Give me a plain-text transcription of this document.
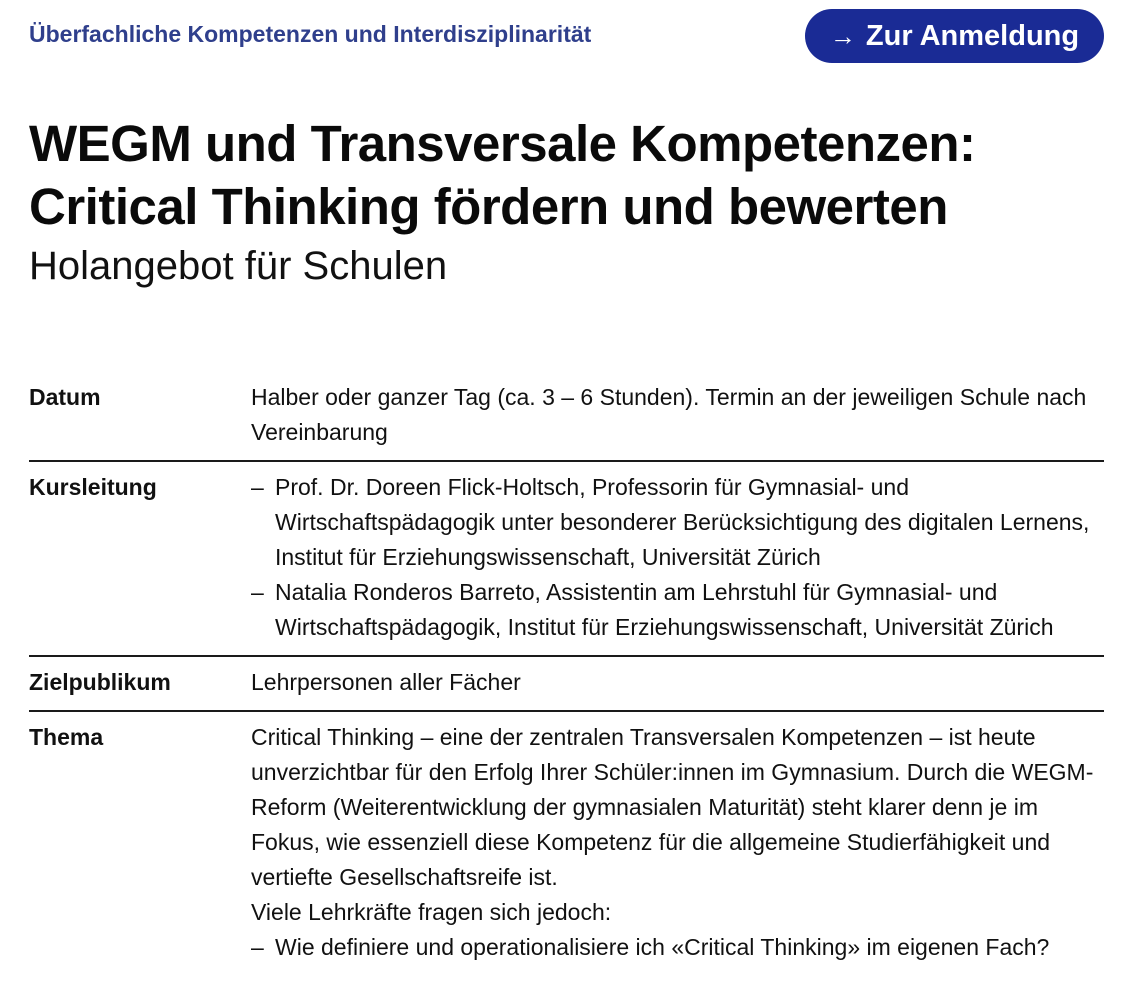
Überfachliche Kompetenzen und Interdisziplinarität	→ Zur Anmeldung
WEGM und Transversale Kompetenzen: Critical Thinking fördern und bewerten
Holangebot für Schulen
Datum	Halber oder ganzer Tag (ca. 3 – 6 Stunden). Termin an der jeweiligen Schule nach Vereinbarung

Kursleitung
–	Prof. Dr. Doreen Flick-Holtsch, Professorin für Gymnasial- und Wirtschaftspädagogik unter besonderer Berücksichtigung des digitalen Lernens, Institut für Erziehungswissenschaft, Universität Zürich
– Natalia Ronderos Barreto, Assistentin am Lehrstuhl für Gymnasial- und Wirtschaftspädagogik, Institut für Erziehungswissenschaft, Universität Zürich
Zielpublikum	Lehrpersonen aller Fächer

Thema	Critical Thinking – eine der zentralen Transversalen Kompetenzen – ist heute unverzichtbar für den Erfolg Ihrer Schüler:innen im Gymnasium. Durch die WEGM-Reform (Weiterentwicklung der gymnasialen Maturität) steht klarer denn je im Fokus, wie essenziell diese Kompetenz für die allgemeine Studierfähigkeit und vertiefte Gesellschaftsreife ist.

Viele Lehrkräfte fragen sich jedoch:

– Wie definiere und operationalisiere ich «Critical Thinking» im eigenen Fach?
